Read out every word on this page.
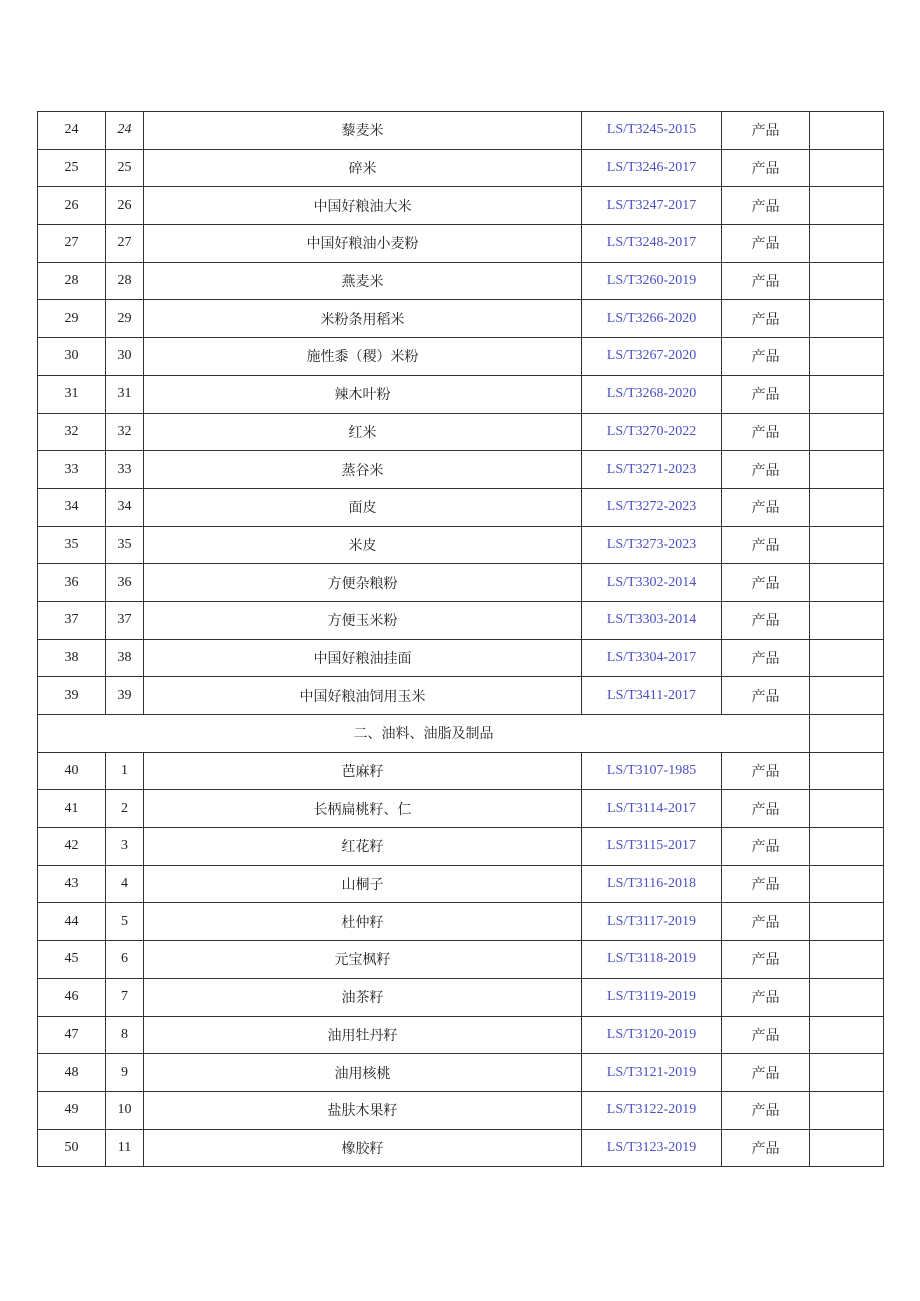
24	24	藜麦米	LS/T3245-2015	产品	
25	25	碎米	LS/T3246-2017	产品	
26	26	中国好粮油大米	LS/T3247-2017	产品	
27	27	中国好粮油小麦粉	LS/T3248-2017	产品	
28	28	燕麦米	LS/T3260-2019	产品	
29	29	米粉条用稻米	LS/T3266-2020	产品	
30	30	施性黍（稷）米粉	LS/T3267-2020	产品	
31	31	辣木叶粉	LS/T3268-2020	产品	
32	32	红米	LS/T3270-2022	产品	
33	33	蒸谷米	LS/T3271-2023	产品	
34	34	面皮	LS/T3272-2023	产品	
35	35	米皮	LS/T3273-2023	产品	
36	36	方便杂粮粉	LS/T3302-2014	产品	
37	37	方便玉米粉	LS/T3303-2014	产品	
38	38	中国好粮油挂面	LS/T3304-2017	产品	
39	39	中国好粮油饲用玉米	LS/T3411-2017	产品	
二、油料、油脂及制品					
40	1	芭麻籽	LS/T3107-1985	产品	
41	2	长柄扁桃籽、仁	LS/T3114-2017	产品	
42	3	红花籽	LS/T3115-2017	产品	
43	4	山桐子	LS/T3116-2018	产品	
44	5	杜仲籽	LS/T3117-2019	产品	
45	6	元宝枫籽	LS/T3118-2019	产品	
46	7	油茶籽	LS/T3119-2019	产品	
47	8	油用牡丹籽	LS/T3120-2019	产品	
48	9	油用核桃	LS/T3121-2019	产品	
49	10	盐肤木果籽	LS/T3122-2019	产品	
50	11	橡胶籽	LS/T3123-2019	产品	
